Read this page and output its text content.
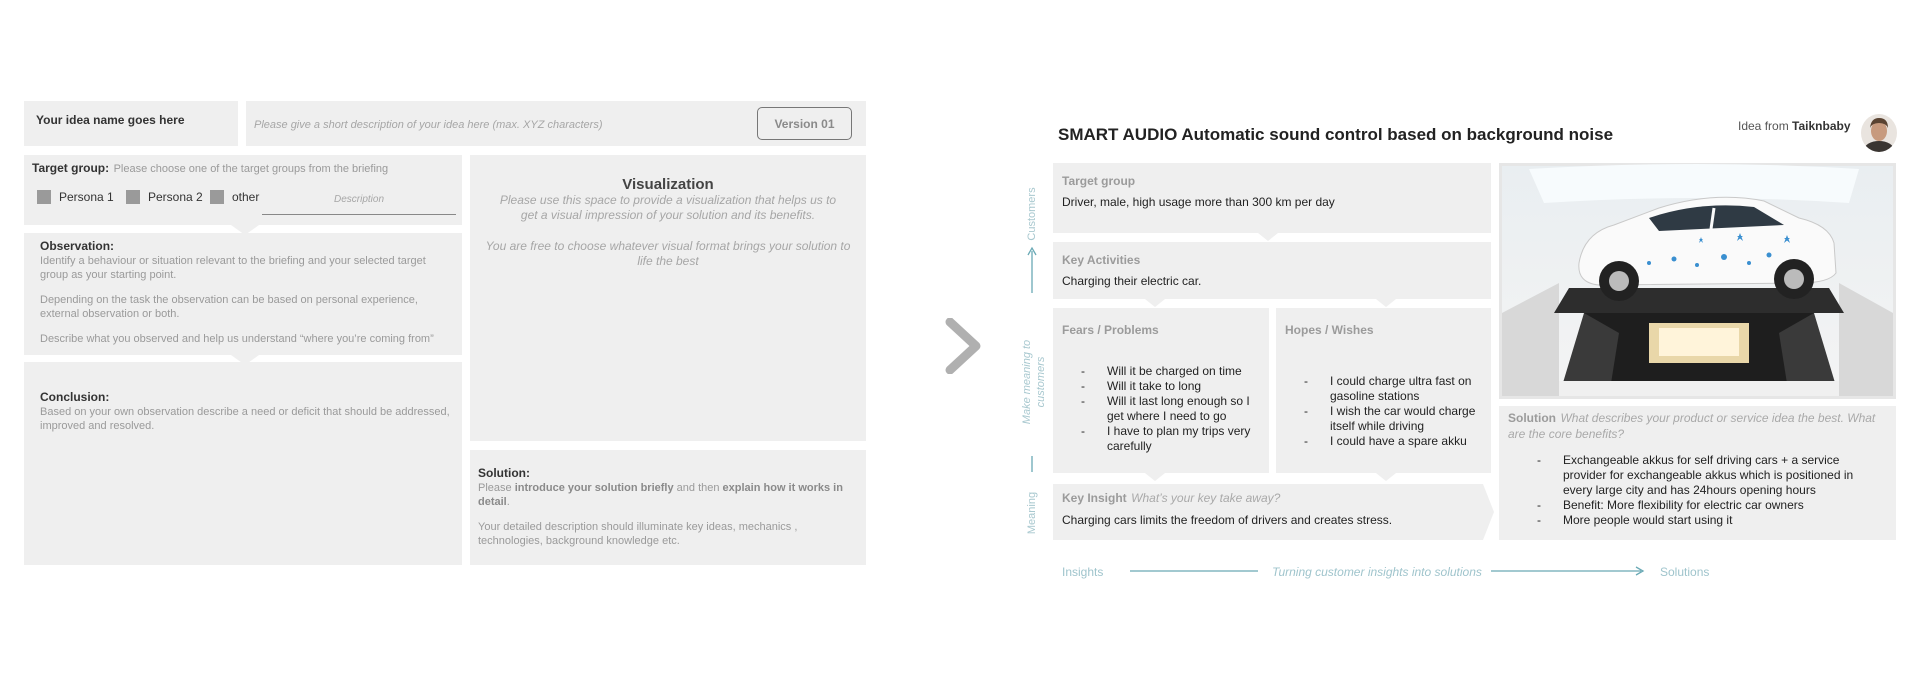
Your idea name goes here	Please give a short description of your idea here (max. XYZ characters)	Version 01
Target group: Please choose one of the target groups from the briefing
Persona 1	Persona 2 other	Description
Observation:

Identify a behaviour or situation relevant to the briefing and your selected target group as your starting point.

Depending on the task the observation can be based on personal experience, external observation or both.

Describe what you observed and help us understand “where you’re coming from”

Conclusion:
Based on your own observation describe a need or deficit that should be addressed, improved and resolved.
Visualization
Please use this space to provide a visualization that helps us to get a visual impression of your solution and its benefits.
You are free to choose whatever visual format brings your solution to life the best
Solution:
Please introduce your solution briefly and then explain how it works in detail.
Your detailed description should illuminate key ideas, mechanics , technologies, background knowledge etc.
SMART AUDIO Automatic sound control based on background noise	Idea from Taiknbaby
Customers
Make meaning to customers
Meaning
Target group
Driver, male, high usage more than 300 km per day
Key Activities
Charging their electric car.
Fears / Problems
- Will it be charged on time
- Will it take to long
- Will it last long enough so I get where I need to go
- I have to plan my trips very carefully
Hopes / Wishes
- I could charge ultra fast on gasoline stations
- I wish the car would charge itself while driving
- I could have a spare akku
Key Insight What’s your key take away?
Charging cars limits the freedom of drivers and creates stress.
Solution What describes your product or service idea the best. What are the core benefits?
- Exchangeable akkus for self driving cars + a service provider for exchangeable akkus which is positioned in every large city and has 24hours opening hours
- Benefit: More flexibility for electric car owners
- More people would start using it
Insights	Turning customer insights into solutions	Solutions
